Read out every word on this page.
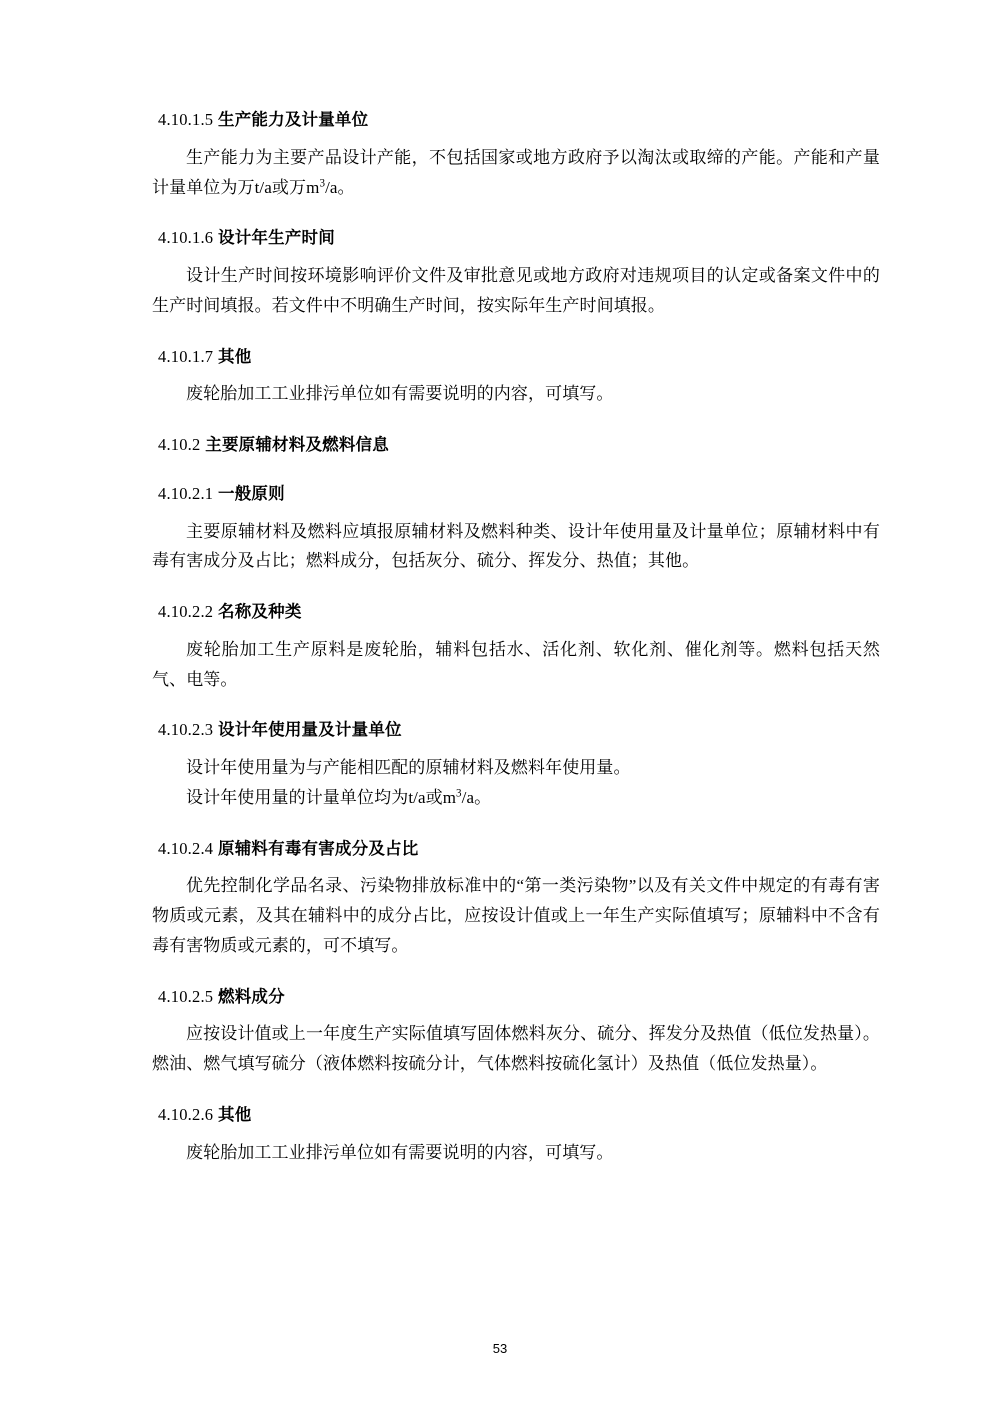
4.10.1.5 生产能力及计量单位

生产能力为主要产品设计产能，不包括国家或地方政府予以淘汰或取缔的产能。产能和产量计量单位为万t/a或万$m^3/a$。

4.10.1.6 设计年生产时间

设计生产时间按环境影响评价文件及审批意见或地方政府对违规项目的认定或备案文件中的生产时间填报。若文件中不明确生产时间，按实际年生产时间填报。

4.10.1.7 其他

废轮胎加工工业排污单位如有需要说明的内容，可填写。

4.10.2 主要原辅材料及燃料信息
4.10.2.1 一般原则

主要原辅材料及燃料应填报原辅材料及燃料种类、设计年使用量及计量单位；原辅材料中有毒有害成分及占比；燃料成分，包括灰分、硫分、挥发分、热值；其他。

4.10.2.2 名称及种类

废轮胎加工生产原料是废轮胎，辅料包括水、活化剂、软化剂、催化剂等。燃料包括天然气、电等。

4.10.2.3 设计年使用量及计量单位

设计年使用量为与产能相匹配的原辅材料及燃料年使用量。

设计年使用量的计量单位均为t/a或$m^3/a$。

4.10.2.4 原辅料有毒有害成分及占比

优先控制化学品名录、污染物排放标准中的“第一类污染物”以及有关文件中规定的有毒有害物质或元素，及其在辅料中的成分占比，应按设计值或上一年生产实际值填写；原辅料中不含有毒有害物质或元素的，可不填写。

4.10.2.5 燃料成分

应按设计值或上一年度生产实际值填写固体燃料灰分、硫分、挥发分及热值（低位发热量）。燃油、燃气填写硫分（液体燃料按硫分计，气体燃料按硫化氢计）及热值（低位发热量）。

4.10.2.6 其他

废轮胎加工工业排污单位如有需要说明的内容，可填写。

53
